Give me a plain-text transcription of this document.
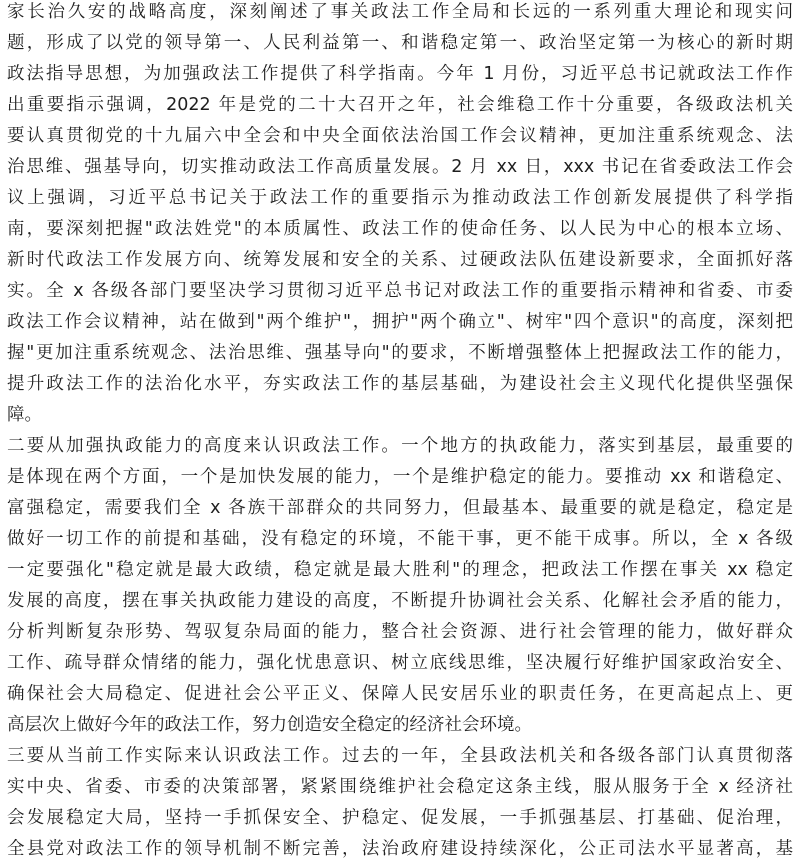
家长治久安的战略高度，深刻阐述了事关政法工作全局和长远的一系列重大理论和现实问
题，形成了以党的领导第一、人民利益第一、和谐稳定第一、政治坚定第一为核心的新时期
政法指导思想，为加强政法工作提供了科学指南。今年 1 月份，习近平总书记就政法工作作
出重要指示强调，2022 年是党的二十大召开之年，社会维稳工作十分重要，各级政法机关
要认真贯彻党的十九届六中全会和中央全面依法治国工作会议精神，更加注重系统观念、法
治思维、强基导向，切实推动政法工作高质量发展。2 月 xx 日，xxx 书记在省委政法工作会
议上强调，习近平总书记关于政法工作的重要指示为推动政法工作创新发展提供了科学指
南，要深刻把握"政法姓党"的本质属性、政法工作的使命任务、以人民为中心的根本立场、
新时代政法工作发展方向、统筹发展和安全的关系、过硬政法队伍建设新要求，全面抓好落
实。全 x 各级各部门要坚决学习贯彻习近平总书记对政法工作的重要指示精神和省委、市委
政法工作会议精神，站在做到"两个维护"，拥护"两个确立"、树牢"四个意识"的高度，深刻把
握"更加注重系统观念、法治思维、强基导向"的要求，不断增强整体上把握政法工作的能力，
提升政法工作的法治化水平，夯实政法工作的基层基础，为建设社会主义现代化提供坚强保
障。
二要从加强执政能力的高度来认识政法工作。一个地方的执政能力，落实到基层，最重要的
是体现在两个方面，一个是加快发展的能力，一个是维护稳定的能力。要推动 xx 和谐稳定、
富强稳定，需要我们全 x 各族干部群众的共同努力，但最基本、最重要的就是稳定，稳定是
做好一切工作的前提和基础，没有稳定的环境，不能干事，更不能干成事。所以，全 x 各级
一定要强化"稳定就是最大政绩，稳定就是最大胜利"的理念，把政法工作摆在事关 xx 稳定
发展的高度，摆在事关执政能力建设的高度，不断提升协调社会关系、化解社会矛盾的能力，
分析判断复杂形势、驾驭复杂局面的能力，整合社会资源、进行社会管理的能力，做好群众
工作、疏导群众情绪的能力，强化忧患意识、树立底线思维，坚决履行好维护国家政治安全、
确保社会大局稳定、促进社会公平正义、保障人民安居乐业的职责任务，在更高起点上、更
高层次上做好今年的政法工作，努力创造安全稳定的经济社会环境。
三要从当前工作实际来认识政法工作。过去的一年，全县政法机关和各级各部门认真贯彻落
实中央、省委、市委的决策部署，紧紧围绕维护社会稳定这条主线，服从服务于全 x 经济社
会发展稳定大局，坚持一手抓保安全、护稳定、促发展，一手抓强基层、打基础、促治理，
全县党对政法工作的领导机制不断完善，法治政府建设持续深化，公正司法水平显著高，基
